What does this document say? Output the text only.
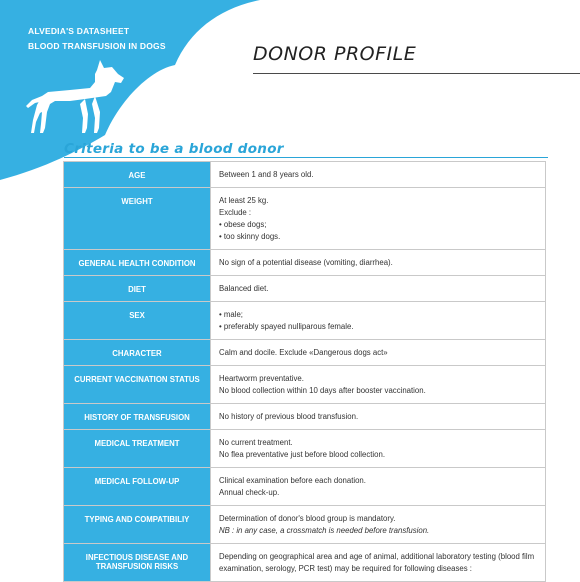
ALVEDIA'S DATASHEET
BLOOD TRANSFUSION IN DOGS	DONOR PROFILE
Criteria to be a blood donor
AGE	Between 1 and 8 years old.

WEIGHT	At least 25 kg.
Exclude :
• obese dogs;
• too skinny dogs.

GENERAL HEALTH CONDITION	No sign of a potential disease (vomiting, diarrhea).

DIET	Balanced diet.

SEX	• male;
• preferably spayed nulliparous female.

CHARACTER	Calm and docile. Exclude «Dangerous dogs act»

CURRENT VACCINATION STATUS	Heartworm preventative.
No blood collection within 10 days after booster vaccination.

HISTORY OF TRANSFUSION	No history of previous blood transfusion.

MEDICAL TREATMENT	No current treatment.
No flea preventative just before blood collection.

MEDICAL FOLLOW-UP	Clinical examination before each donation.
Annual check-up.

TYPING AND COMPATIBILIY	Determination of donor's blood group is mandatory.
NB : in any case, a crossmatch is needed before transfusion.

INFECTIOUS DISEASE AND TRANSFUSION RISKS	Depending on geographical area and age of animal, additional laboratory testing (blood film examination, serology, PCR test) may be required for following diseases :
